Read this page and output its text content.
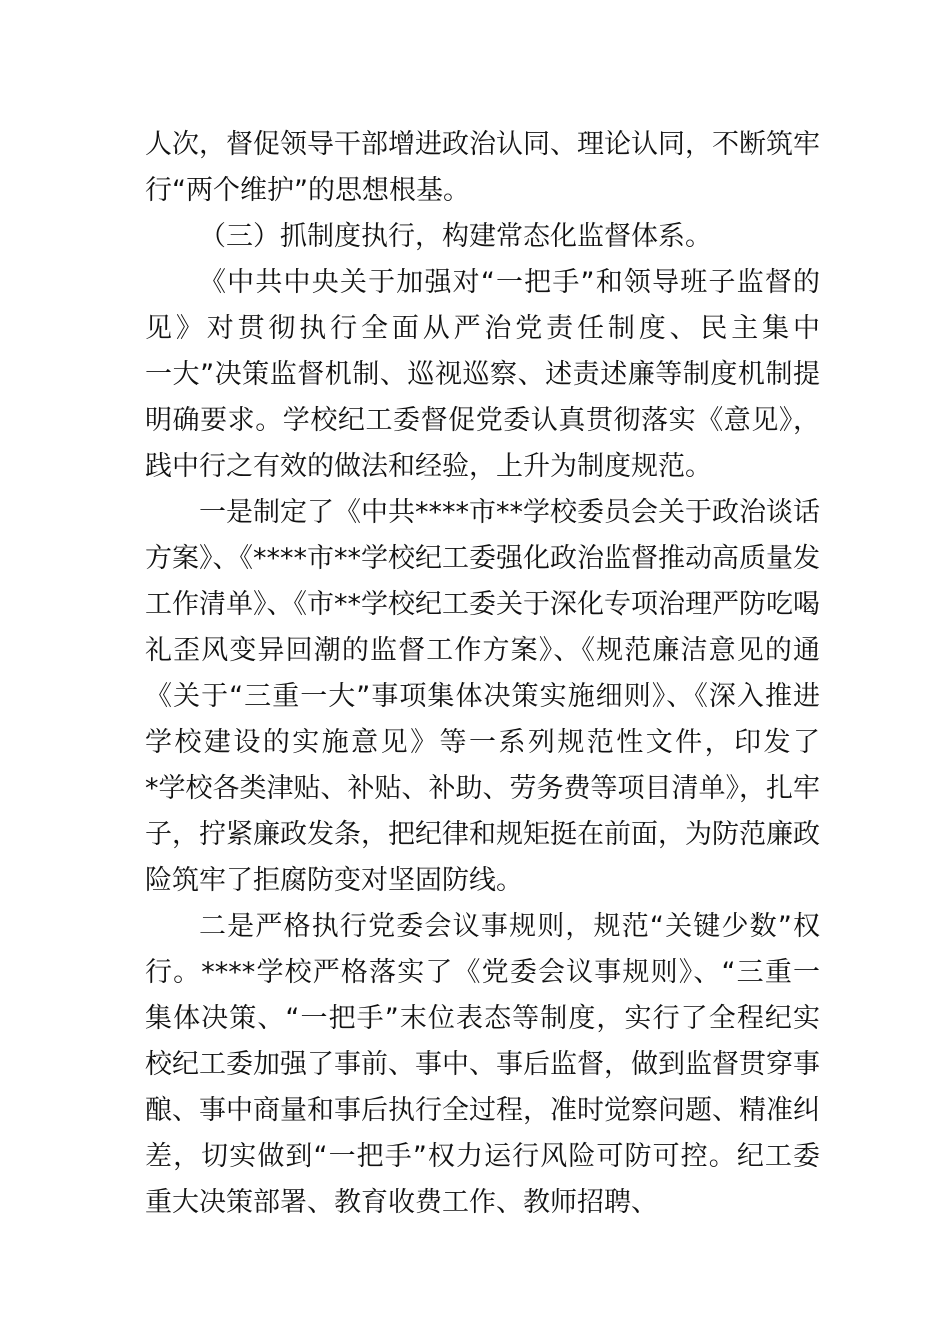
人次，督促领导干部增进政治认同、理论认同，不断筑牢
行“两个维护”的思想根基。
（三）抓制度执行，构建常态化监督体系。
《中共中央关于加强对“一把手”和领导班子监督的
见》对贯彻执行全面从严治党责任制度、民主集中
一大”决策监督机制、巡视巡察、述责述廉等制度机制提
明确要求。学校纪工委督促党委认真贯彻落实《意见》，
践中行之有效的做法和经验，上升为制度规范。
一是制定了《中共****市**学校委员会关于政治谈话
方案》、《****市**学校纪工委强化政治监督推动高质量发
工作清单》、《市**学校纪工委关于深化专项治理严防吃喝
礼歪风变异回潮的监督工作方案》、《规范廉洁意见的通
《关于“三重一大”事项集体决策实施细则》、《深入推进
学校建设的实施意见》等一系列规范性文件，印发了
*学校各类津贴、补贴、补助、劳务费等项目清单》，扎牢
子，拧紧廉政发条，把纪律和规矩挺在前面，为防范廉政
险筑牢了拒腐防变对坚固防线。
二是严格执行党委会议事规则，规范“关键少数”权
行。****学校严格落实了《党委会议事规则》、“三重一
集体决策、“一把手”末位表态等制度，实行了全程纪实
校纪工委加强了事前、事中、事后监督，做到监督贯穿事
酿、事中商量和事后执行全过程，准时觉察问题、精准纠
差，切实做到“一把手”权力运行风险可防可控。纪工委
重大决策部署、教育收费工作、教师招聘、
